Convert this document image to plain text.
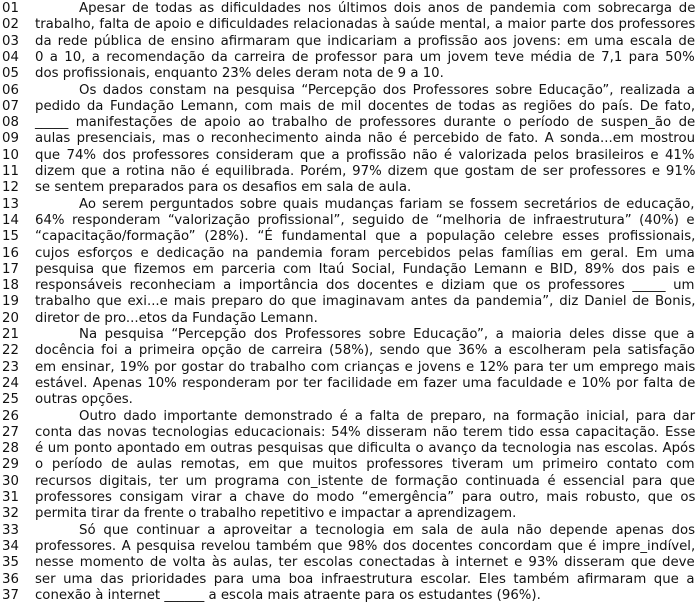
01	Apesar de todas as dificuldades nos últimos dois anos de pandemia com sobrecarga de
02	trabalho, falta de apoio e dificuldades relacionadas à saúde mental, a maior parte dos professores
03	da rede pública de ensino afirmaram que indicariam a profissão aos jovens: em uma escala de
04	0 a 10, a recomendação da carreira de professor para um jovem teve média de 7,1 para 50%
05	dos profissionais, enquanto 23% deles deram nota de 9 a 10.
06	Os dados constam na pesquisa “Percepção dos Professores sobre Educação”, realizada a
07	pedido da Fundação Lemann, com mais de mil docentes de todas as regiões do país. De fato,
08	_____ manifestações de apoio ao trabalho de professores durante o período de suspen_ão de
09	aulas presenciais, mas o reconhecimento ainda não é percebido de fato. A sonda...em mostrou
10	que 74% dos professores consideram que a profissão não é valorizada pelos brasileiros e 41%
11	dizem que a rotina não é equilibrada. Porém, 97% dizem que gostam de ser professores e 91%
12	se sentem preparados para os desafios em sala de aula.
13	Ao serem perguntados sobre quais mudanças fariam se fossem secretários de educação,
14	64% responderam “valorização profissional”, seguido de “melhoria de infraestrutura” (40%) e
15	“capacitação/formação” (28%). “É fundamental que a população celebre esses profissionais,
16	cujos esforços e dedicação na pandemia foram percebidos pelas famílias em geral. Em uma
17	pesquisa que fizemos em parceria com Itaú Social, Fundação Lemann e BID, 89% dos pais e
18	responsáveis reconheciam a importância dos docentes e diziam que os professores _____ um
19	trabalho que exi...e mais preparo do que imaginavam antes da pandemia”, diz Daniel de Bonis,
20	diretor de pro...etos da Fundação Lemann.
21	Na pesquisa “Percepção dos Professores sobre Educação”, a maioria deles disse que a
22	docência foi a primeira opção de carreira (58%), sendo que 36% a escolheram pela satisfação
23	em ensinar, 19% por gostar do trabalho com crianças e jovens e 12% para ter um emprego mais
24	estável. Apenas 10% responderam por ter facilidade em fazer uma faculdade e 10% por falta de
25	outras opções.
26	Outro dado importante demonstrado é a falta de preparo, na formação inicial, para dar
27	conta das novas tecnologias educacionais: 54% disseram não terem tido essa capacitação. Esse
28	é um ponto apontado em outras pesquisas que dificulta o avanço da tecnologia nas escolas. Após
29	o período de aulas remotas, em que muitos professores tiveram um primeiro contato com
30	recursos digitais, ter um programa con_istente de formação continuada é essencial para que
31	professores consigam virar a chave do modo “emergência” para outro, mais robusto, que os
32	permita tirar da frente o trabalho repetitivo e impactar a aprendizagem.
33	Só que continuar a aproveitar a tecnologia em sala de aula não depende apenas dos
34	professores. A pesquisa revelou também que 98% dos docentes concordam que é impre_indível,
35	nesse momento de volta às aulas, ter escolas conectadas à internet e 93% disseram que deve
36	ser uma das prioridades para uma boa infraestrutura escolar. Eles também afirmaram que a
37	conexão à internet ______ a escola mais atraente para os estudantes (96%).
